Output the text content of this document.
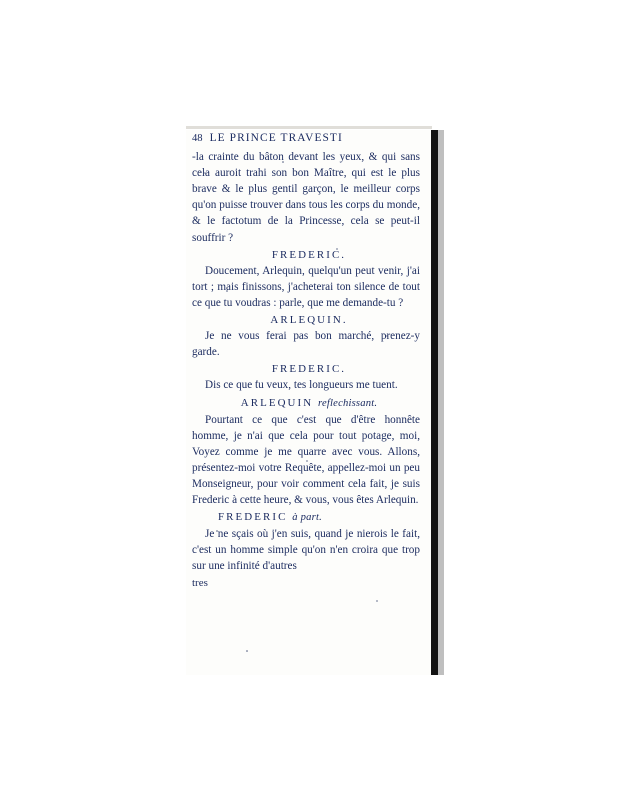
48 LE PRINCE TRAVESTI

-la crainte du bâton devant les yeux, & qui sans cela auroit trahi son bon Maître, qui est le plus brave & le plus gentil garçon, le meilleur corps qu'on puisse trouver dans tous les corps du monde, & le factotum de la Princesse, cela se peut-il souffrir ?

FREDERIC.

Doucement, Arlequin, quelqu'un peut venir, j'ai tort ; mais finissons, j'acheterai ton silence de tout ce que tu voudras : parle, que me demande-tu ?

ARLEQUIN.

Je ne vous ferai pas bon marché, prenez-y garde.

FREDERIC.

Dis ce que tu veux, tes longueurs me tuent.

ARLEQUIN reflechissant.

Pourtant ce que c'est que d'être honnête homme, je n'ai que cela pour tout potage, moi, Voyez comme je me quarre avec vous. Allons, présentez-moi votre Requête, appellez-moi un peu Monseigneur, pour voir comment cela fait, je suis Frederic à cette heure, & vous, vous êtes Arlequin.

FREDERIC à part.

Je ne sçais où j'en suis, quand je nierois le fait, c'est un homme simple qu'on n'en croira que trop sur une infinité d'autres

tres
